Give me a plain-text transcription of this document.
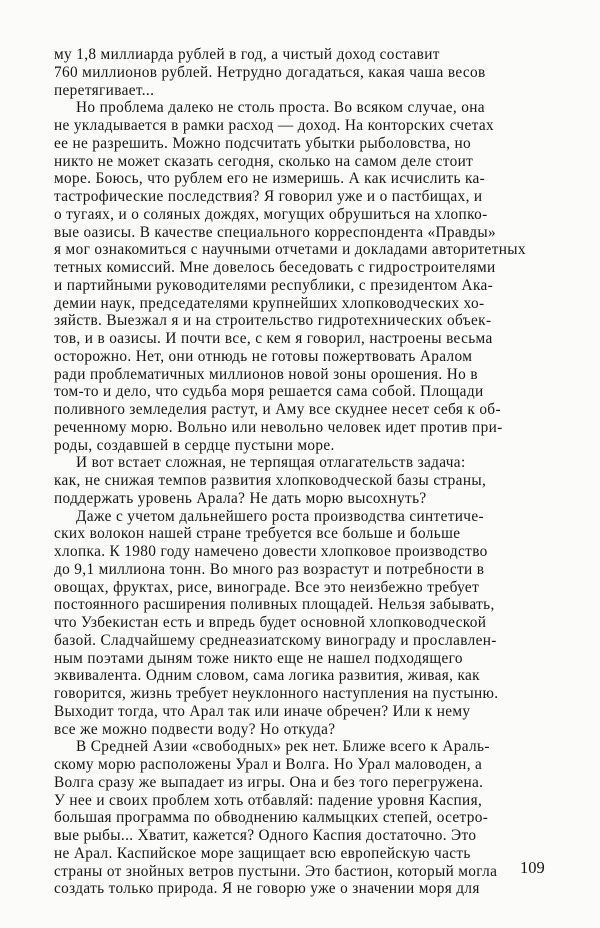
му 1,8 миллиарда рублей в год, а чистый доход составит
760 миллионов рублей. Нетрудно догадаться, какая чаша весов
перетягивает...
Но проблема далеко не столь проста. Во всяком случае, она
не укладывается в рамки расход — доход. На конторских счетах
ее не разрешить. Можно подсчитать убытки рыболовства, но
никто не может сказать сегодня, сколько на самом деле стоит
море. Боюсь, что рублем его не измеришь. А как исчислить ка-
тастрофические последствия? Я говорил уже и о пастбищах, и
о тугаях, и о соляных дождях, могущих обрушиться на хлопко-
вые оазисы. В качестве специального корреспондента «Правды»
я мог ознакомиться с научными отчетами и докладами авторитетных
тетных комиссий. Мне довелось беседовать с гидростроителями
и партийными руководителями республики, с президентом Ака-
демии наук, председателями крупнейших хлопководческих хо-
зяйств. Выезжал я и на строительство гидротехнических объек-
тов, и в оазисы. И почти все, с кем я говорил, настроены весьма
осторожно. Нет, они отнюдь не готовы пожертвовать Аралом
ради проблематичных миллионов новой зоны орошения. Но в
том-то и дело, что судьба моря решается сама собой. Площади
поливного земледелия растут, и Аму все скуднее несет себя к об-
реченному морю. Вольно или невольно человек идет против при-
роды, создавшей в сердце пустыни море.
И вот встает сложная, не терпящая отлагательств задача:
как, не снижая темпов развития хлопководческой базы страны,
поддержать уровень Арала? Не дать морю высохнуть?
Даже с учетом дальнейшего роста производства синтетиче-
ских волокон нашей стране требуется все больше и больше
хлопка. К 1980 году намечено довести хлопковое производство
до 9,1 миллиона тонн. Во много раз возрастут и потребности в
овощах, фруктах, рисе, винограде. Все это неизбежно требует
постоянного расширения поливных площадей. Нельзя забывать,
что Узбекистан есть и впредь будет основной хлопководческой
базой. Сладчайшему среднеазиатскому винограду и прославлен-
ным поэтами дыням тоже никто еще не нашел подходящего
эквивалента. Одним словом, сама логика развития, живая, как
говорится, жизнь требует неуклонного наступления на пустыню.
Выходит тогда, что Арал так или иначе обречен? Или к нему
все же можно подвести воду? Но откуда?
В Средней Азии «свободных» рек нет. Ближе всего к Араль-
скому морю расположены Урал и Волга. Но Урал маловоден, а
Волга сразу же выпадает из игры. Она и без того перегружена.
У нее и своих проблем хоть отбавляй: падение уровня Каспия,
большая программа по обводнению калмыцких степей, осетро-
вые рыбы... Хватит, кажется? Одного Каспия достаточно. Это
не Арал. Каспийское море защищает всю европейскую часть
страны от знойных ветров пустыни. Это бастион, который могла
создать только природа. Я не говорю уже о значении моря для
109
